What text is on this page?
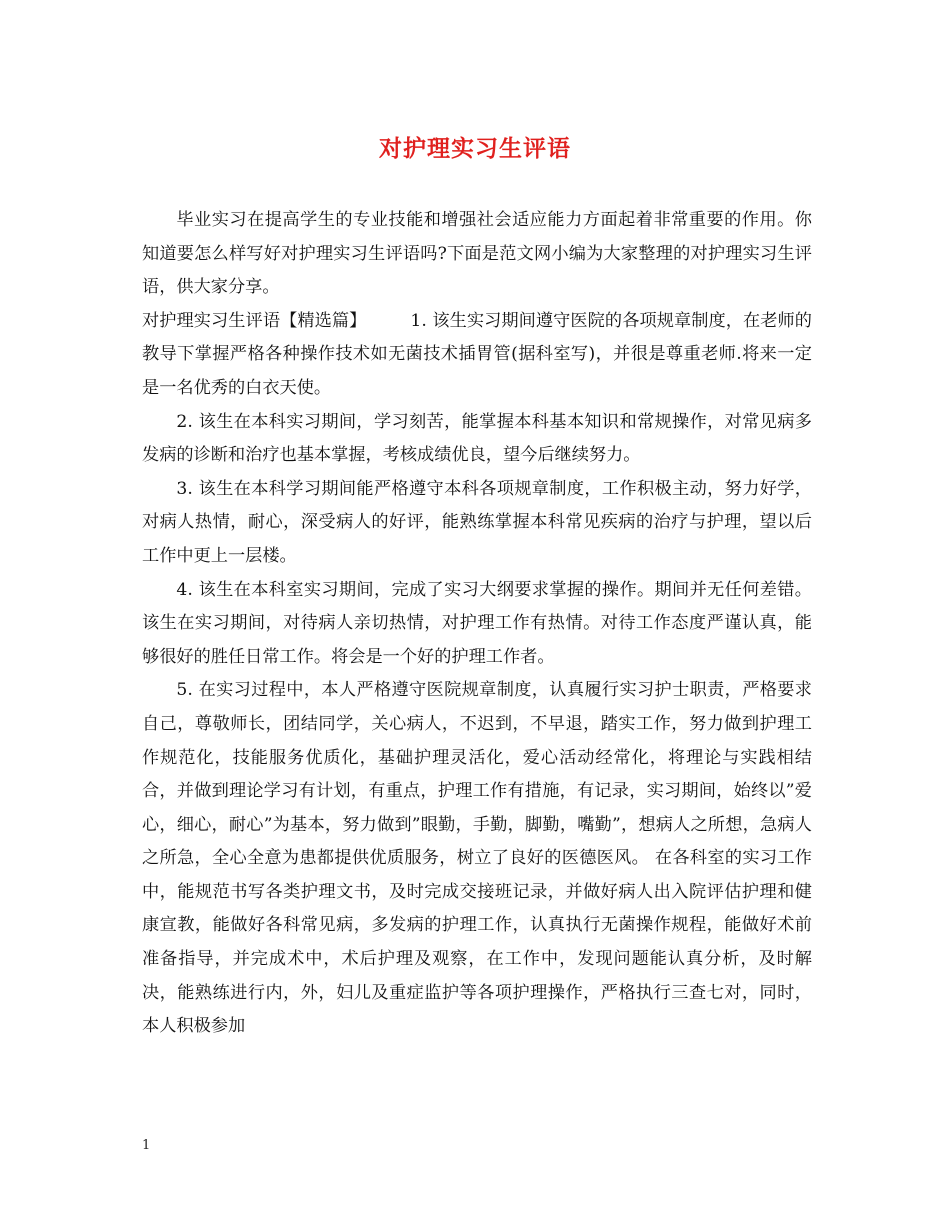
对护理实习生评语

毕业实习在提高学生的专业技能和增强社会适应能力方面起着非常重要的作用。你知道要怎么样写好对护理实习生评语吗?下面是范文网小编为大家整理的对护理实习生评语，供大家分享。

对护理实习生评语【精选篇】	1. 该生实习期间遵守医院的各项规章制度，在老师的教导下掌握严格各种操作技术如无菌技术插胃管(据科室写)，并很是尊重老师.将来一定是一名优秀的白衣天使。

2. 该生在本科实习期间，学习刻苦，能掌握本科基本知识和常规操作，对常见病多发病的诊断和治疗也基本掌握，考核成绩优良，望今后继续努力。

3. 该生在本科学习期间能严格遵守本科各项规章制度，工作积极主动，努力好学，对病人热情，耐心，深受病人的好评，能熟练掌握本科常见疾病的治疗与护理，望以后工作中更上一层楼。

4. 该生在本科室实习期间，完成了实习大纲要求掌握的操作。期间并无任何差错。该生在实习期间，对待病人亲切热情，对护理工作有热情。对待工作态度严谨认真，能够很好的胜任日常工作。将会是一个好的护理工作者。

5. 在实习过程中，本人严格遵守医院规章制度，认真履行实习护士职责，严格要求自己，尊敬师长，团结同学，关心病人，不迟到，不早退，踏实工作，努力做到护理工作规范化，技能服务优质化，基础护理灵活化，爱心活动经常化，将理论与实践相结合，并做到理论学习有计划，有重点，护理工作有措施，有记录，实习期间，始终以”爱心，细心，耐心”为基本，努力做到”眼勤，手勤，脚勤，嘴勤”，想病人之所想，急病人之所急，全心全意为患都提供优质服务，树立了良好的医德医风。 在各科室的实习工作中，能规范书写各类护理文书，及时完成交接班记录，并做好病人出入院评估护理和健康宣教，能做好各科常见病，多发病的护理工作，认真执行无菌操作规程，能做好术前准备指导，并完成术中，术后护理及观察，在工作中，发现问题能认真分析，及时解决，能熟练进行内，外，妇儿及重症监护等各项护理操作，严格执行三查七对，同时，本人积极参加

1
